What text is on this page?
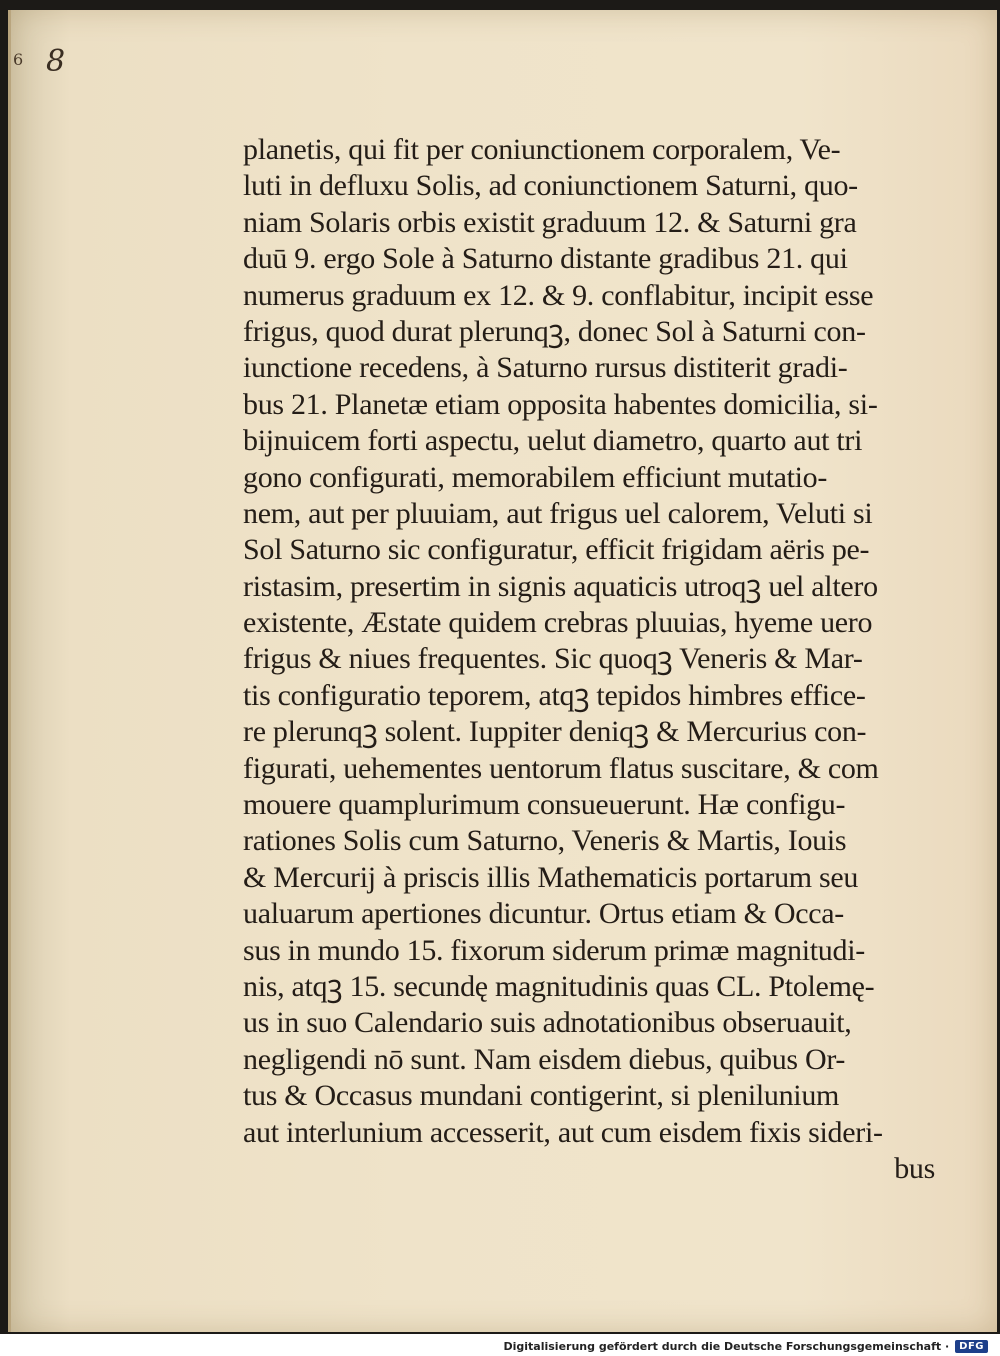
6 8
planetis, qui fit per coniunctionem corporalem, Ve-
luti in defluxu Solis, ad coniunctionem Saturni, quo-
niam Solaris orbis existit graduum 12. & Saturni gra
duū 9. ergo Sole à Saturno distante gradibus 21. qui
numerus graduum ex 12. & 9. conflabitur, incipit esse
frigus, quod durat plerunqꝫ, donec Sol à Saturni con-
iunctione recedens, à Saturno rursus distiterit gradi-
bus 21. Planetæ etiam opposita habentes domicilia, si-
bijnuicem forti aspectu, uelut diametro, quarto aut tri
gono configurati, memorabilem efficiunt mutatio-
nem, aut per pluuiam, aut frigus uel calorem, Veluti si
Sol Saturno sic configuratur, efficit frigidam aëris pe-
ristasim, presertim in signis aquaticis utroqꝫ uel altero
existente, Æstate quidem crebras pluuias, hyeme uero
frigus & niues frequentes. Sic quoqꝫ Veneris & Mar-
tis configuratio teporem, atqꝫ tepidos himbres effice-
re plerunqꝫ solent. Iuppiter deniqꝫ & Mercurius con-
figurati, uehementes uentorum flatus suscitare, & com
mouere quamplurimum consueuerunt. Hæ configu-
rationes Solis cum Saturno, Veneris & Martis, Iouis
& Mercurij à priscis illis Mathematicis portarum seu
ualuarum apertiones dicuntur. Ortus etiam & Occa-
sus in mundo 15. fixorum siderum primæ magnitudi-
nis, atqꝫ 15. secundę magnitudinis quas CL. Ptolemę-
us in suo Calendario suis adnotationibus obseruauit,
negligendi nō sunt. Nam eisdem diebus, quibus Or-
tus & Occasus mundani contigerint, si plenilunium
aut interlunium accesserit, aut cum eisdem fixis sideri-
bus
Digitalisierung gefördert durch die Deutsche Forschungsgemeinschaft ·	DFG
